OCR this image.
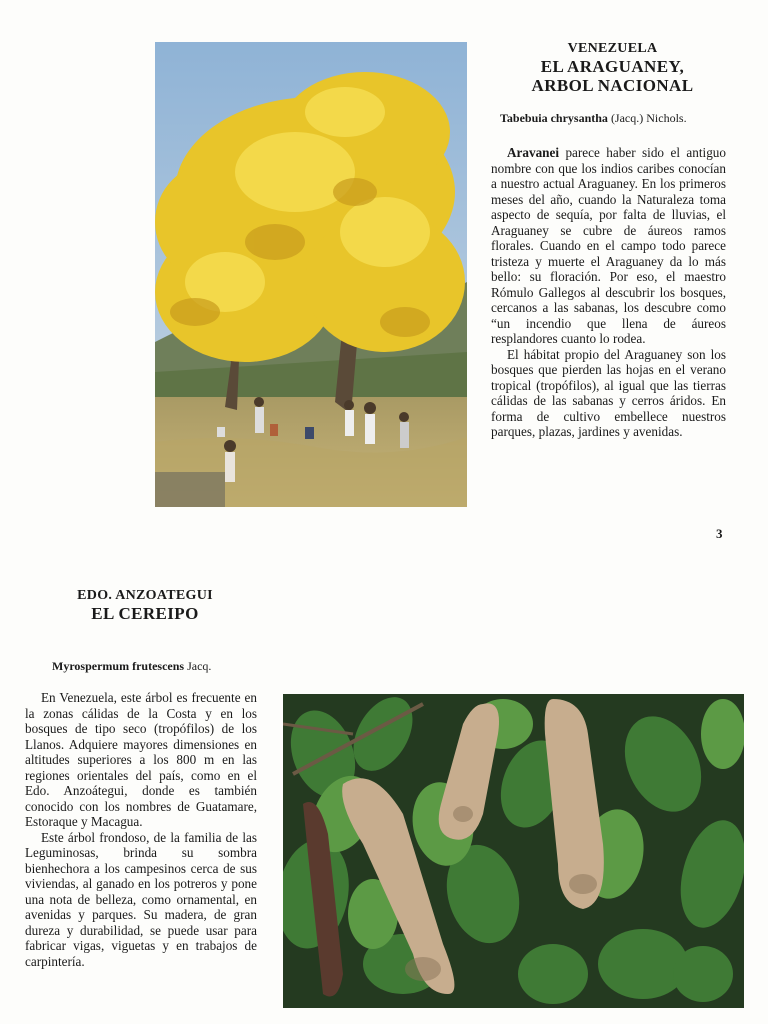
VENEZUELA
EL ARAGUANEY,
ARBOL NACIONAL
Tabebuia chrysantha (Jacq.) Nichols.

Aravanei parece haber sido el antiguo nombre con que los indios caribes conocían a nuestro actual Araguaney. En los primeros meses del año, cuando la Naturaleza toma aspecto de sequía, por falta de lluvias, el Araguaney se cubre de áureos ramos florales. Cuando en el campo todo parece tristeza y muerte el Araguaney da lo más bello: su floración. Por eso, el maestro Rómulo Gallegos al descubrir los bosques, cercanos a las sabanas, los descubre como “un incendio que llena de áureos resplandores cuanto lo rodea.

El hábitat propio del Araguaney son los bosques que pierden las hojas en el verano tropical (tropófilos), al igual que las tierras cálidas de las sabanas y cerros áridos. En forma de cultivo embellece nuestros parques, plazas, jardines y avenidas.

3
EDO. ANZOATEGUI
EL CEREIPO
Myrospermum frutescens Jacq.

En Venezuela, este árbol es frecuente en la zonas cálidas de la Costa y en los bosques de tipo seco (tropófilos) de los Llanos. Adquiere mayores dimensiones en altitudes superiores a los 800 m en las regiones orientales del país, como en el Edo. Anzoátegui, donde es también conocido con los nombres de Guatamare, Estoraque y Macagua.

Este árbol frondoso, de la familia de las Leguminosas, brinda su sombra bienhechora a los campesinos cerca de sus viviendas, al ganado en los potreros y pone una nota de belleza, como ornamental, en avenidas y parques. Su madera, de gran dureza y durabilidad, se puede usar para fabricar vigas, viguetas y en trabajos de carpintería.
